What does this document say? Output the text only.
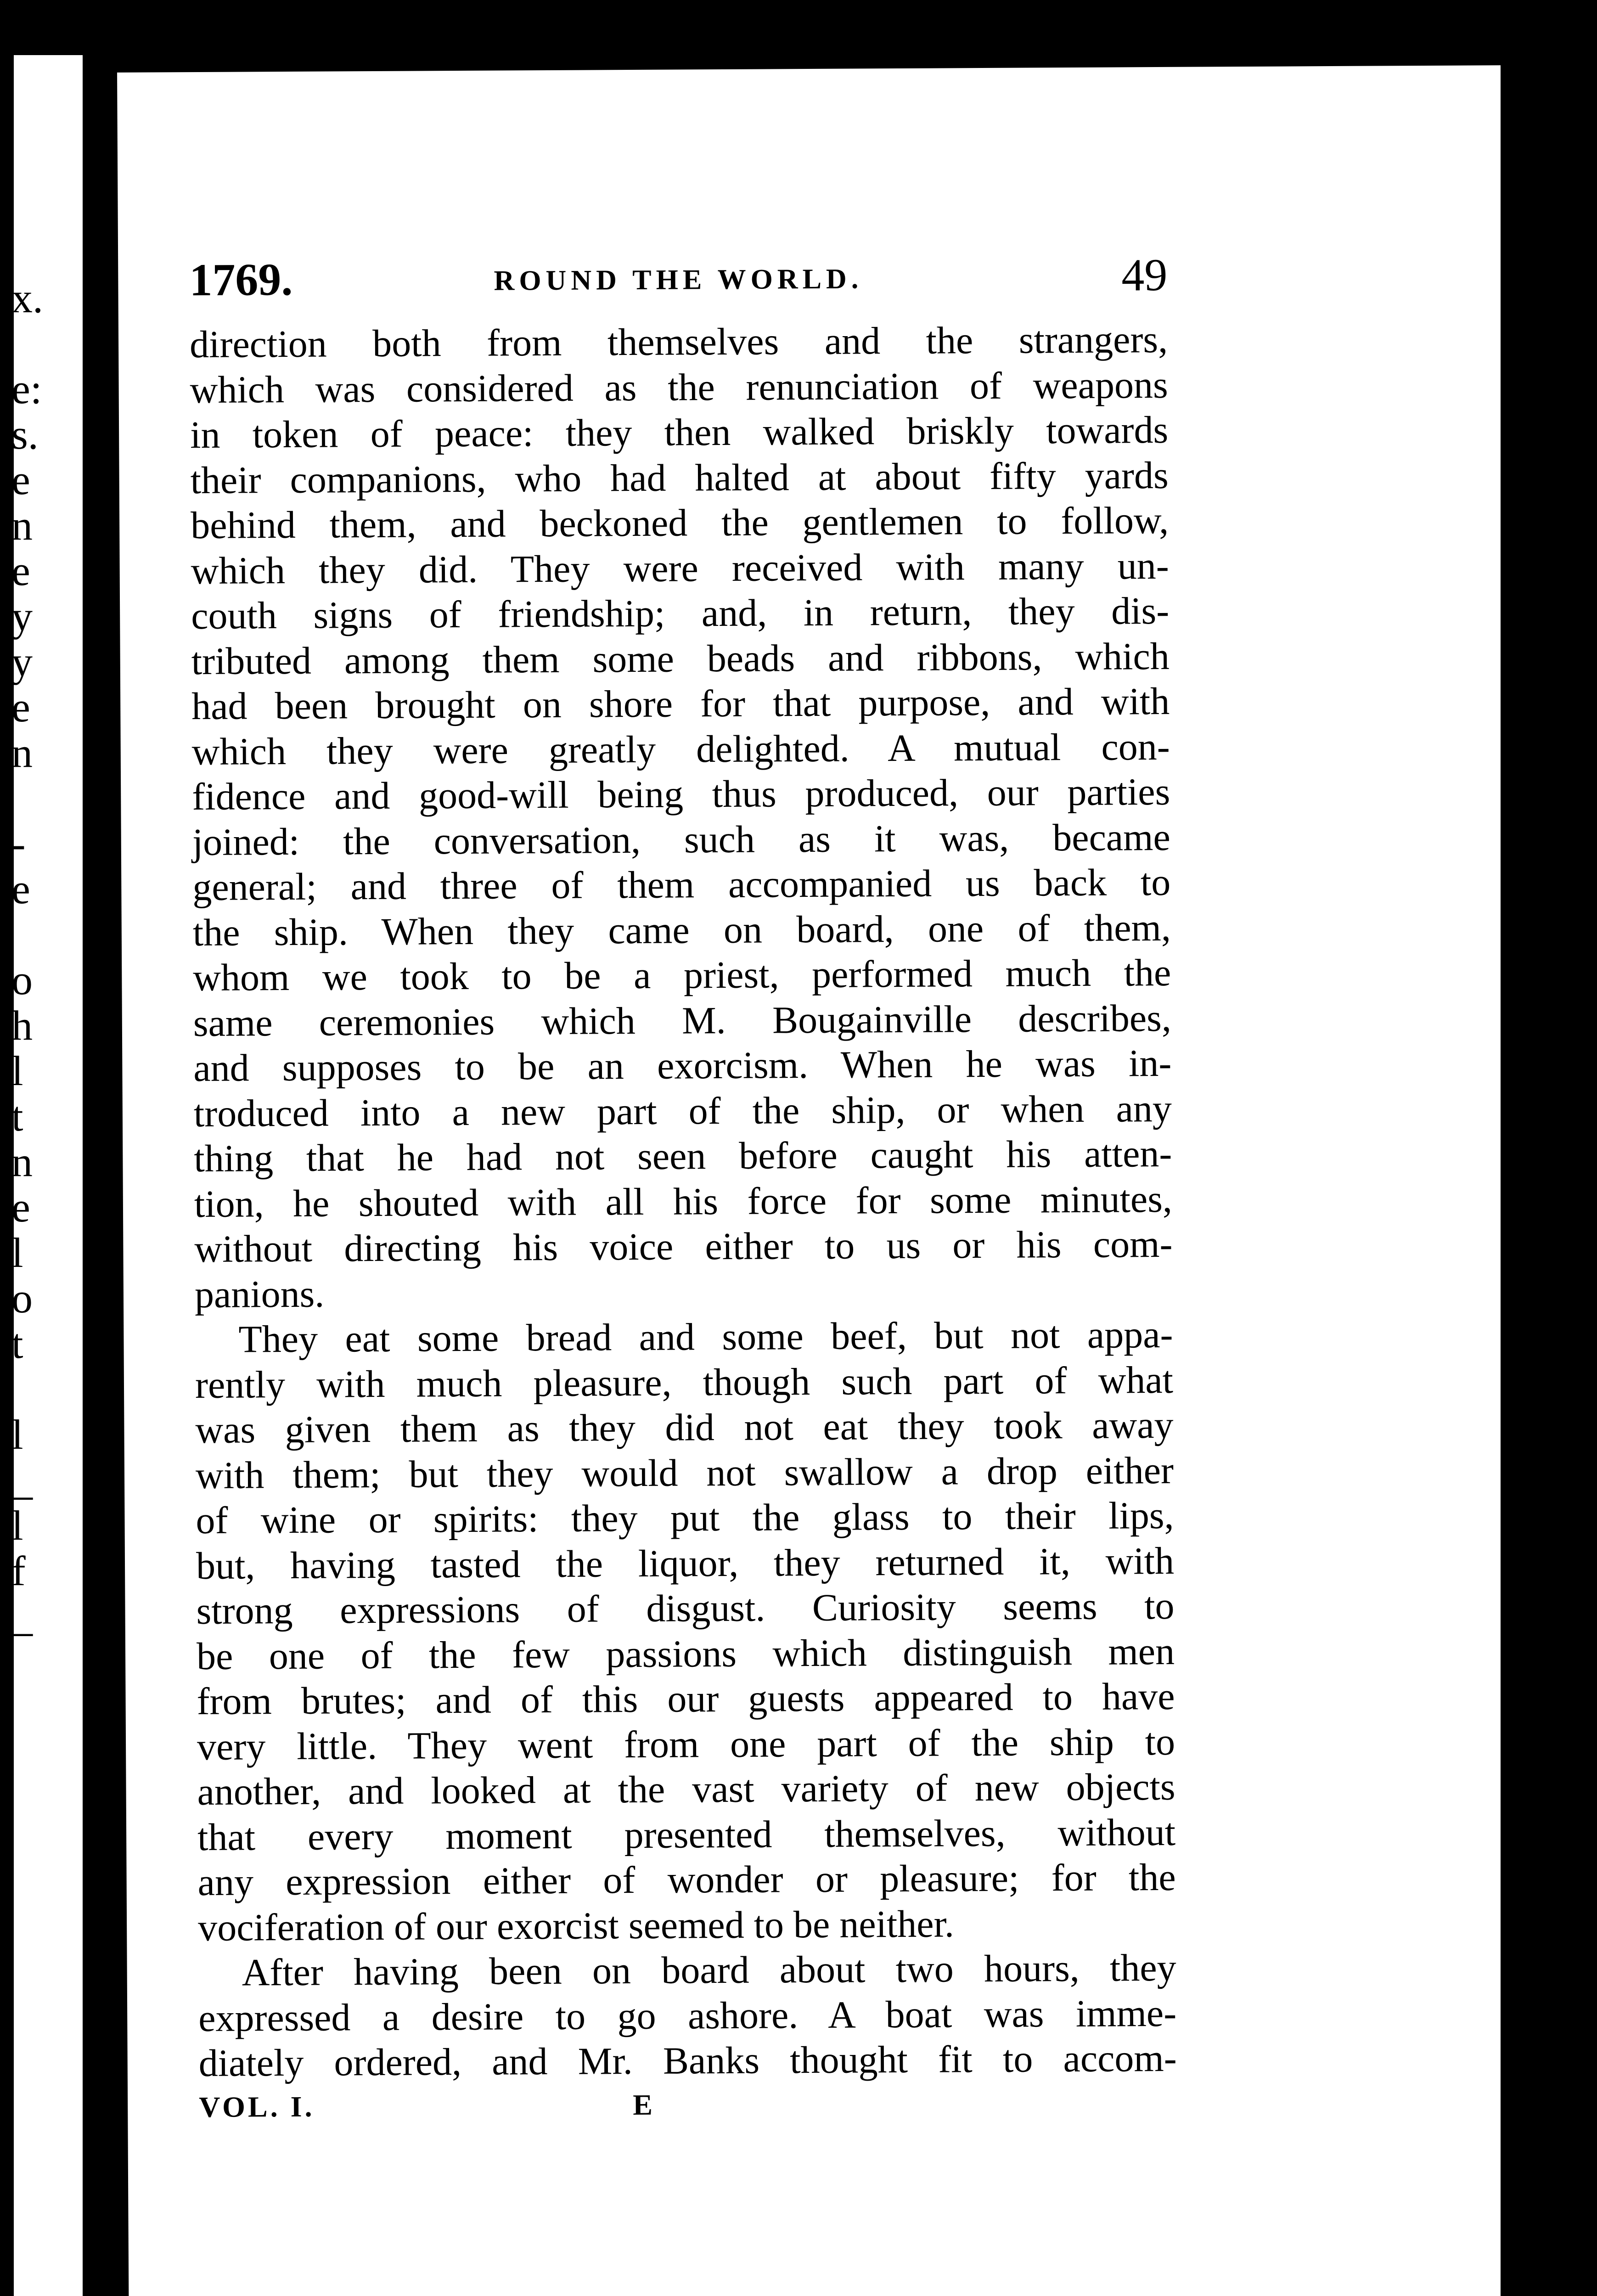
x.
e:
s.
e
n
e
y
y
e
n
-
e
o
h
l
t
n
e
l
o
t
l
_
l
f
_
1769.	ROUND THE WORLD.	49
direction both from themselves and the strangers,
which was considered as the renunciation of weapons
in token of peace: they then walked briskly towards
their companions, who had halted at about fifty yards
behind them, and beckoned the gentlemen to follow,
which they did. They were received with many un-
couth signs of friendship; and, in return, they dis-
tributed among them some beads and ribbons, which
had been brought on shore for that purpose, and with
which they were greatly delighted. A mutual con-
fidence and good-will being thus produced, our parties
joined: the conversation, such as it was, became
general; and three of them accompanied us back to
the ship. When they came on board, one of them,
whom we took to be a priest, performed much the
same ceremonies which M. Bougainville describes,
and supposes to be an exorcism. When he was in-
troduced into a new part of the ship, or when any
thing that he had not seen before caught his atten-
tion, he shouted with all his force for some minutes,
without directing his voice either to us or his com-
panions.
They eat some bread and some beef, but not appa-
rently with much pleasure, though such part of what
was given them as they did not eat they took away
with them; but they would not swallow a drop either
of wine or spirits: they put the glass to their lips,
but, having tasted the liquor, they returned it, with
strong expressions of disgust. Curiosity seems to
be one of the few passions which distinguish men
from brutes; and of this our guests appeared to have
very little. They went from one part of the ship to
another, and looked at the vast variety of new objects
that every moment presented themselves, without
any expression either of wonder or pleasure; for the
vociferation of our exorcist seemed to be neither.
After having been on board about two hours, they
expressed a desire to go ashore. A boat was imme-
diately ordered, and Mr. Banks thought fit to accom-
VOL. I.	E
